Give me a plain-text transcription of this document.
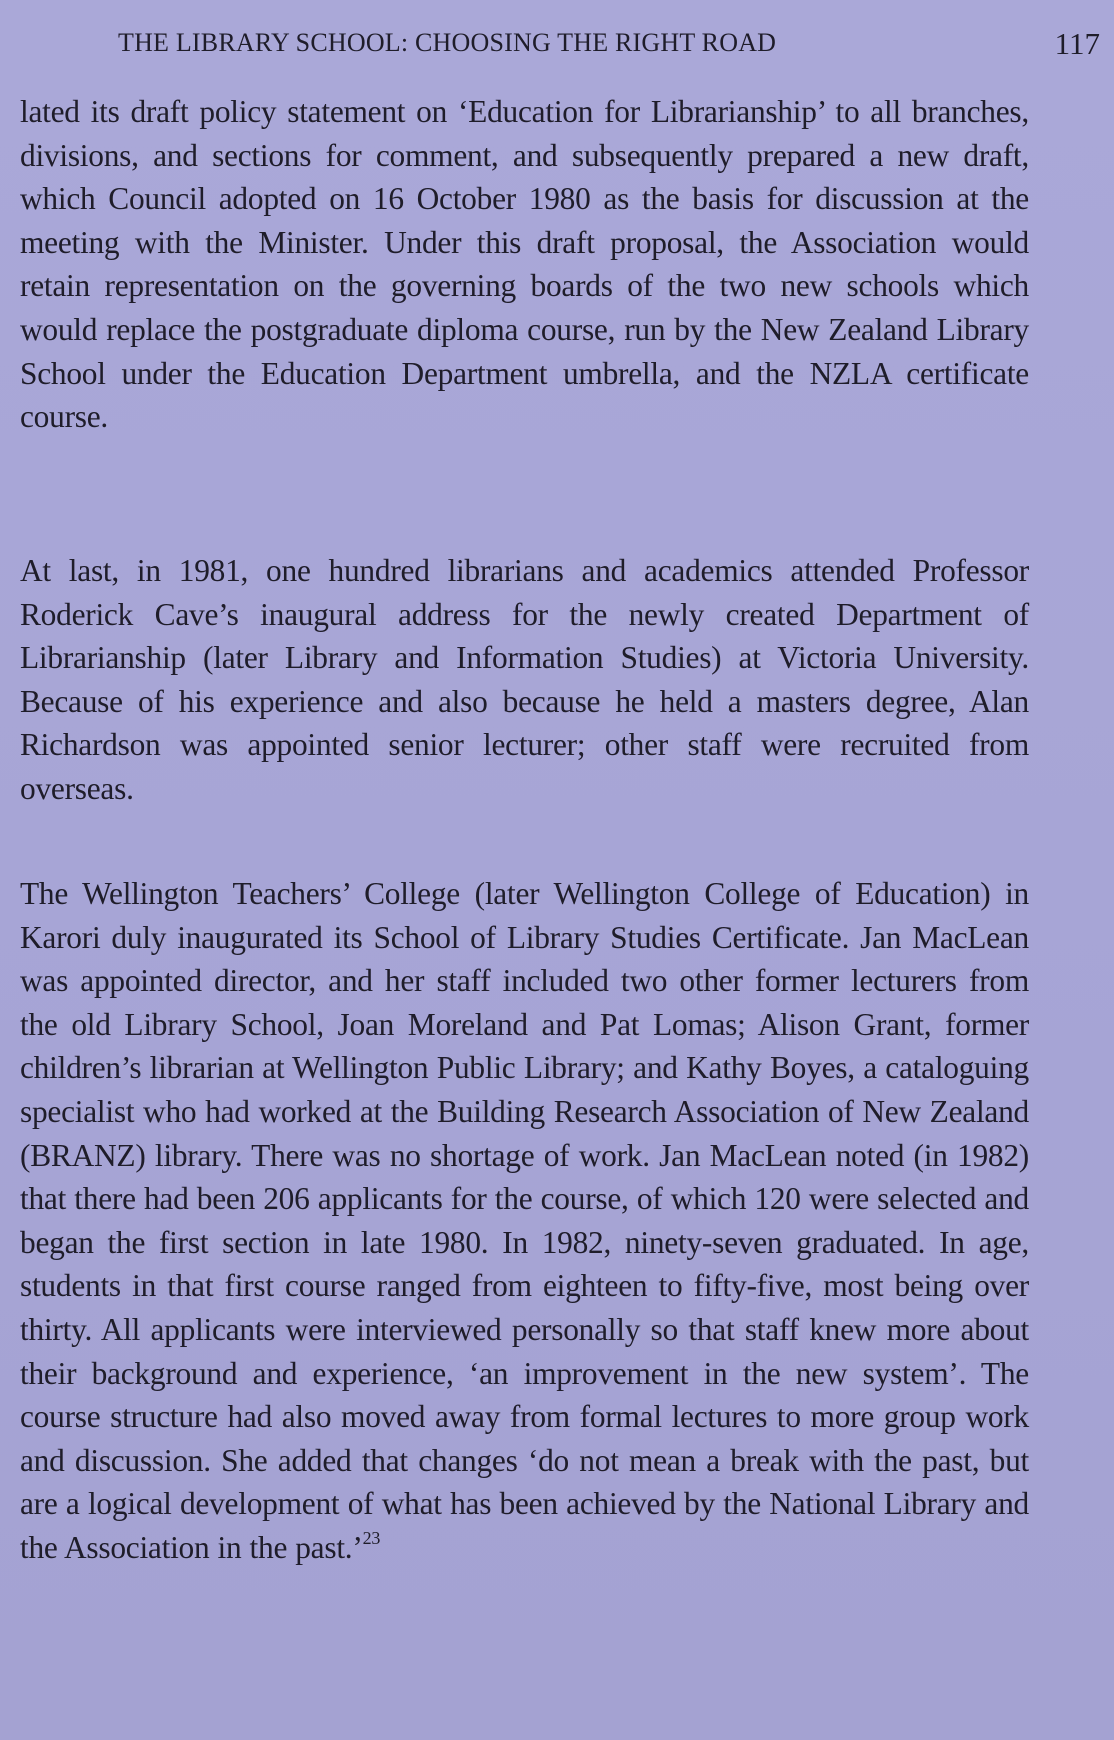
THE LIBRARY SCHOOL: CHOOSING THE RIGHT ROAD	117

lated its draft policy statement on ‘Education for Librarianship’ to all branches, divisions, and sections for comment, and subsequently prepared a new draft, which Council adopted on 16 October 1980 as the basis for discussion at the meeting with the Minister. Under this draft proposal, the Association would retain representation on the governing boards of the two new schools which would replace the postgraduate diploma course, run by the New Zealand Library School under the Education Department umbrella, and the NZLA certificate course.

At last, in 1981, one hundred librarians and academics attended Professor Roderick Cave’s inaugural address for the newly created Department of Librarianship (later Library and Information Studies) at Victoria University. Because of his experience and also because he held a masters degree, Alan Richardson was appointed senior lecturer; other staff were recruited from overseas.

The Wellington Teachers’ College (later Wellington College of Education) in Karori duly inaugurated its School of Library Studies Certificate. Jan MacLean was appointed director, and her staff included two other former lecturers from the old Library School, Joan Moreland and Pat Lomas; Alison Grant, former children’s librarian at Wellington Public Library; and Kathy Boyes, a cataloguing specialist who had worked at the Building Research Association of New Zealand (BRANZ) library. There was no shortage of work. Jan MacLean noted (in 1982) that there had been 206 applicants for the course, of which 120 were selected and began the first section in late 1980. In 1982, ninety-seven graduated. In age, students in that first course ranged from eighteen to fifty-five, most being over thirty. All applicants were interviewed personally so that staff knew more about their background and experience, ‘an improvement in the new system’. The course structure had also moved away from formal lectures to more group work and discussion. She added that changes ‘do not mean a break with the past, but are a logical development of what has been achieved by the National Library and the Association in the past.’$^{23}$
